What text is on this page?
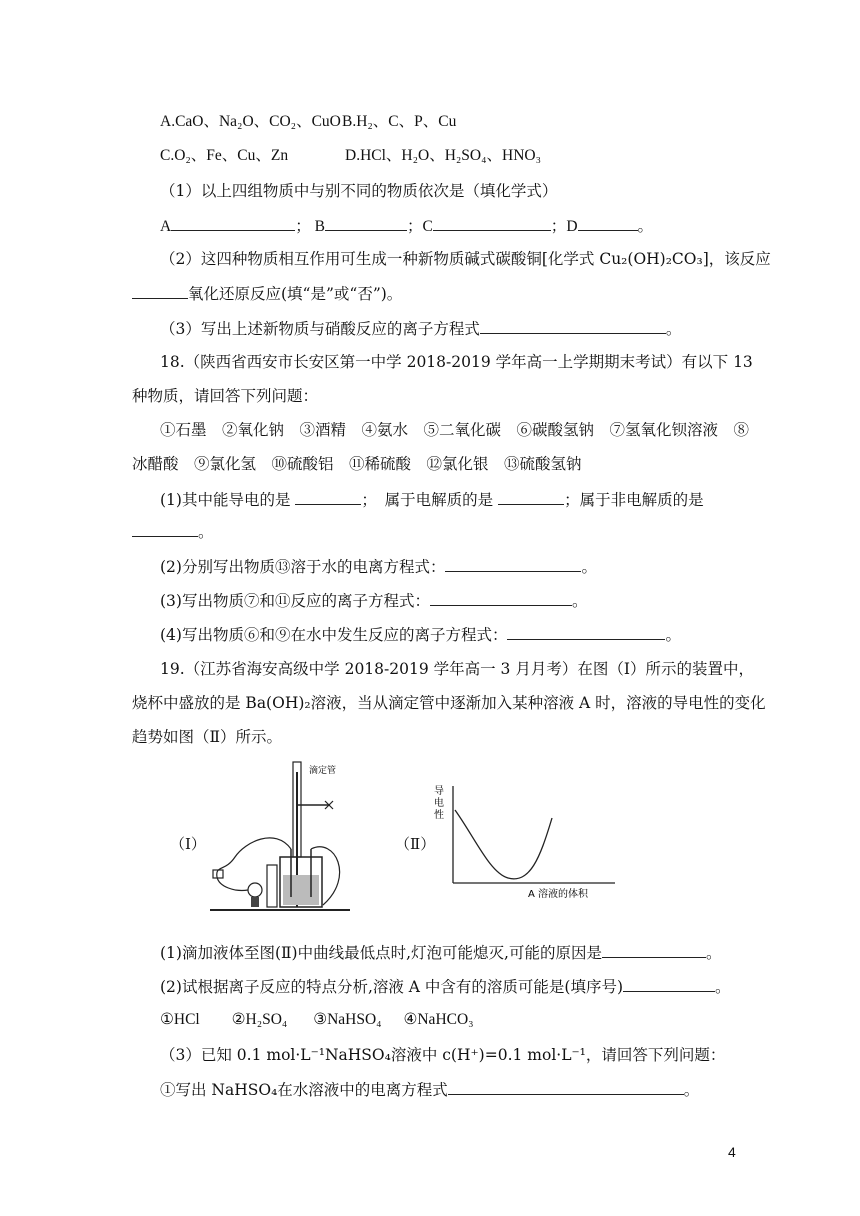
A.CaO、Na₂O、CO₂、CuO B.H₂、C、P、Cu
C.O₂、Fe、Cu、Zn	D.HCl、H₂O、H₂SO₄、HNO₃
（1）以上四组物质中与别不同的物质依次是（填化学式）
A	； B	；C	；D	。
（2）这四种物质相互作用可生成一种新物质碱式碳酸铜[化学式 Cu₂(OH)₂CO₃]，该反应
氧化还原反应(填“是”或“否”)。
（3）写出上述新物质与硝酸反应的离子方程式	。
18.（陕西省西安市长安区第一中学 2018-2019 学年高一上学期期末考试）有以下 13
种物质，请回答下列问题：
①石墨　②氧化钠　③酒精　④氨水　⑤二氧化碳　⑥碳酸氢钠　⑦氢氧化钡溶液　⑧
冰醋酸　⑨氯化氢　⑩硫酸铝　⑪稀硫酸　⑫氯化银　⑬硫酸氢钠
(1)其中能导电的是	；　属于电解质的是	；属于非电解质的是
。
(2)分别写出物质⑬溶于水的电离方程式：	。
(3)写出物质⑦和⑪反应的离子方程式：	。
(4)写出物质⑥和⑨在水中发生反应的离子方程式：	。
19.（江苏省海安高级中学 2018-2019 学年高一 3 月月考）在图（Ⅰ）所示的装置中，
烧杯中盛放的是 Ba(OH)₂溶液，当从滴定管中逐渐加入某种溶液 A 时，溶液的导电性的变化
趋势如图（Ⅱ）所示。
（Ⅰ）
滴定管
（Ⅱ）
导
电
性
A 溶液的体积
(1)滴加液体至图(Ⅱ)中曲线最低点时,灯泡可能熄灭,可能的原因是	。
(2)试根据离子反应的特点分析,溶液 A 中含有的溶质可能是(填序号)	。
①HCl ②H₂SO₄ ③NaHSO₄ ④NaHCO₃
（3）已知 0.1 mol·L⁻¹NaHSO₄溶液中 c(H⁺)=0.1 mol·L⁻¹，请回答下列问题：
①写出 NaHSO₄在水溶液中的电离方程式	。
4
